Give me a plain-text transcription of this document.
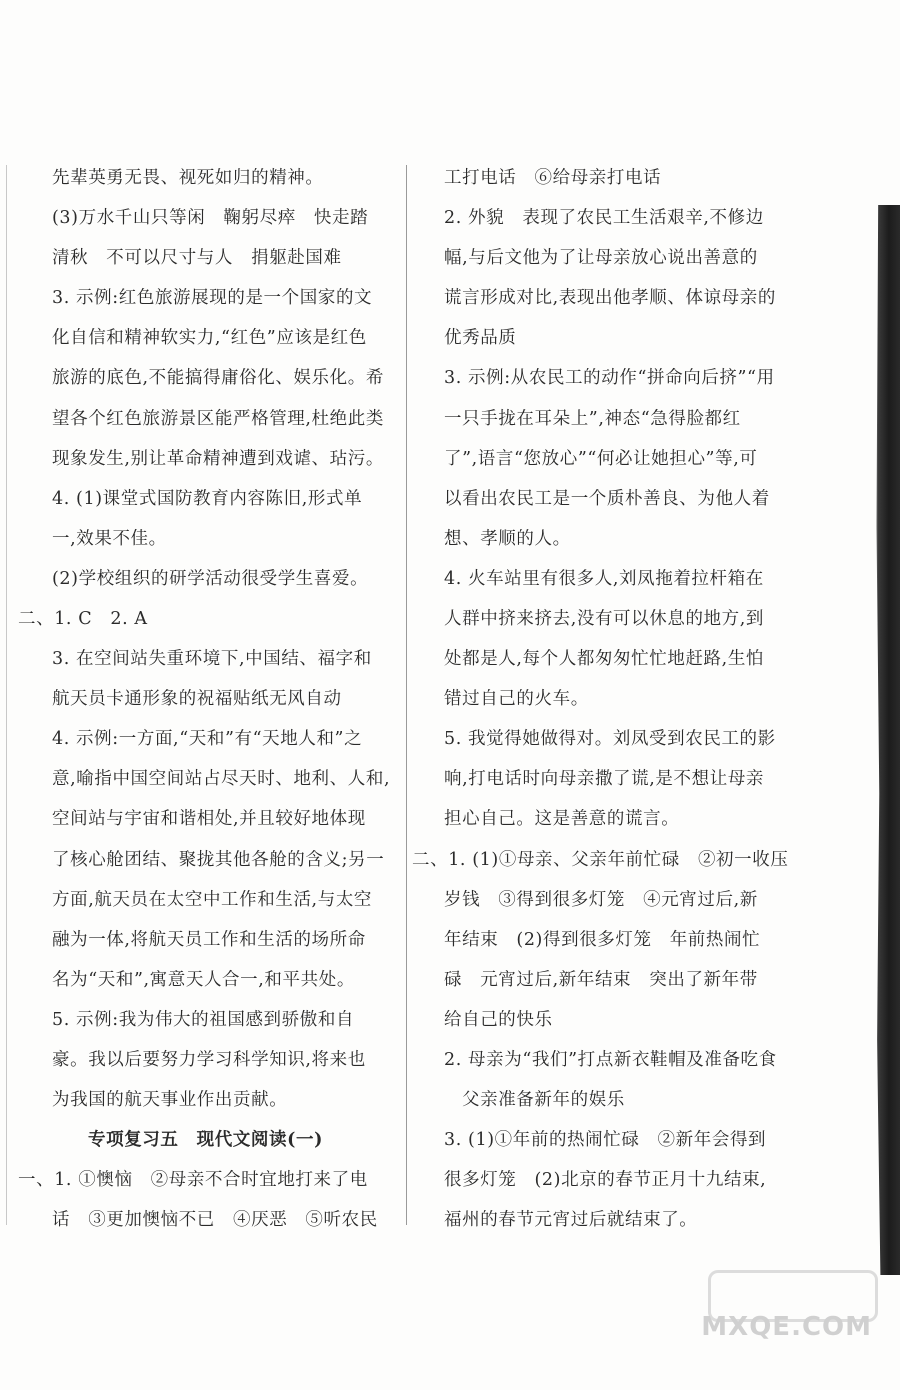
先辈英勇无畏、视死如归的精神。
(3)万水千山只等闲　鞠躬尽瘁　快走踏
清秋　不可以尺寸与人　捐躯赴国难
3. 示例:红色旅游展现的是一个国家的文
化自信和精神软实力,“红色”应该是红色
旅游的底色,不能搞得庸俗化、娱乐化。希
望各个红色旅游景区能严格管理,杜绝此类
现象发生,别让革命精神遭到戏谑、玷污。
4. (1)课堂式国防教育内容陈旧,形式单
一,效果不佳。
(2)学校组织的研学活动很受学生喜爱。
二、1. C　2. A
3. 在空间站失重环境下,中国结、福字和
航天员卡通形象的祝福贴纸无风自动
4. 示例:一方面,“天和”有“天地人和”之
意,喻指中国空间站占尽天时、地利、人和,
空间站与宇宙和谐相处,并且较好地体现
了核心舱团结、聚拢其他各舱的含义;另一
方面,航天员在太空中工作和生活,与太空
融为一体,将航天员工作和生活的场所命
名为“天和”,寓意天人合一,和平共处。
5. 示例:我为伟大的祖国感到骄傲和自
豪。我以后要努力学习科学知识,将来也
为我国的航天事业作出贡献。
专项复习五　现代文阅读(一)
一、1. ①懊恼　②母亲不合时宜地打来了电
话　③更加懊恼不已　④厌恶　⑤听农民
工打电话　⑥给母亲打电话
2. 外貌　表现了农民工生活艰辛,不修边
幅,与后文他为了让母亲放心说出善意的
谎言形成对比,表现出他孝顺、体谅母亲的
优秀品质
3. 示例:从农民工的动作“拼命向后挤”“用
一只手拢在耳朵上”,神态“急得脸都红
了”,语言“您放心”“何必让她担心”等,可
以看出农民工是一个质朴善良、为他人着
想、孝顺的人。
4. 火车站里有很多人,刘凤拖着拉杆箱在
人群中挤来挤去,没有可以休息的地方,到
处都是人,每个人都匆匆忙忙地赶路,生怕
错过自己的火车。
5. 我觉得她做得对。刘凤受到农民工的影
响,打电话时向母亲撒了谎,是不想让母亲
担心自己。这是善意的谎言。
二、1. (1)①母亲、父亲年前忙碌　②初一收压
岁钱　③得到很多灯笼　④元宵过后,新
年结束　(2)得到很多灯笼　年前热闹忙
碌　元宵过后,新年结束　突出了新年带
给自己的快乐
2. 母亲为“我们”打点新衣鞋帽及准备吃食
父亲准备新年的娱乐
3. (1)①年前的热闹忙碌　②新年会得到
很多灯笼　(2)北京的春节正月十九结束,
福州的春节元宵过后就结束了。
MXQE.COM
